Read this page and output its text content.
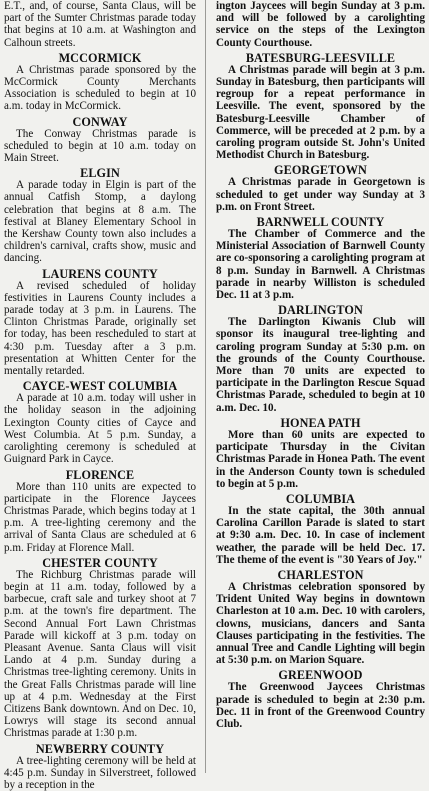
E.T., and, of course, Santa Claus, will be part of the Sumter Christmas parade today that begins at 10 a.m. at Washington and Calhoun streets.

MCCORMICK

A Christmas parade sponsored by the McCormick County Merchants Association is scheduled to begin at 10 a.m. today in McCormick.

CONWAY

The Conway Christmas parade is scheduled to begin at 10 a.m. today on Main Street.

ELGIN

A parade today in Elgin is part of the annual Catfish Stomp, a daylong celebration that begins at 8 a.m. The festival at Blaney Elementary School in the Kershaw County town also includes a children's carnival, crafts show, music and dancing.

LAURENS COUNTY

A revised scheduled of holiday festivities in Laurens County includes a parade today at 3 p.m. in Laurens. The Clinton Christmas Parade, originally set for today, has been rescheduled to start at 4:30 p.m. Tuesday after a 3 p.m. presentation at Whitten Center for the mentally retarded.

CAYCE-WEST COLUMBIA

A parade at 10 a.m. today will usher in the holiday season in the adjoining Lexington County cities of Cayce and West Columbia. At 5 p.m. Sunday, a carolighting ceremony is scheduled at Guignard Park in Cayce.

FLORENCE

More than 110 units are expected to participate in the Florence Jaycees Christmas Parade, which begins today at 1 p.m. A tree-lighting ceremony and the arrival of Santa Claus are scheduled at 6 p.m. Friday at Florence Mall.

CHESTER COUNTY

The Richburg Christmas parade will begin at 11 a.m. today, followed by a barbecue, craft sale and turkey shoot at 7 p.m. at the town's fire department. The Second Annual Fort Lawn Christmas Parade will kickoff at 3 p.m. today on Pleasant Avenue. Santa Claus will visit Lando at 4 p.m. Sunday during a Christmas tree-lighting ceremony. Units in the Great Falls Christmas parade will line up at 4 p.m. Wednesday at the First Citizens Bank downtown. And on Dec. 10, Lowrys will stage its second annual Christmas parade at 1:30 p.m.

NEWBERRY COUNTY

A tree-lighting ceremony will be held at 4:45 p.m. Sunday in Silverstreet, followed by a reception in the

ington Jaycees will begin Sunday at 3 p.m. and will be followed by a carolighting service on the steps of the Lexington County Courthouse.

BATESBURG-LEESVILLE

A Christmas parade will begin at 3 p.m. Sunday in Batesburg, then participants will regroup for a repeat performance in Leesville. The event, sponsored by the Batesburg-Leesville Chamber of Commerce, will be preceded at 2 p.m. by a caroling program outside St. John's United Methodist Church in Batesburg.

GEORGETOWN

A Christmas parade in Georgetown is scheduled to get under way Sunday at 3 p.m. on Front Street.

BARNWELL COUNTY

The Chamber of Commerce and the Ministerial Association of Barnwell County are co-sponsoring a carolighting program at 8 p.m. Sunday in Barnwell. A Christmas parade in nearby Williston is scheduled Dec. 11 at 3 p.m.

DARLINGTON

The Darlington Kiwanis Club will sponsor its inaugural tree-lighting and caroling program Sunday at 5:30 p.m. on the grounds of the County Courthouse. More than 70 units are expected to participate in the Darlington Rescue Squad Christmas Parade, scheduled to begin at 10 a.m. Dec. 10.

HONEA PATH

More than 60 units are expected to participate Thursday in the Civitan Christmas Parade in Honea Path. The event in the Anderson County town is scheduled to begin at 5 p.m.

COLUMBIA

In the state capital, the 30th annual Carolina Carillon Parade is slated to start at 9:30 a.m. Dec. 10. In case of inclement weather, the parade will be held Dec. 17. The theme of the event is "30 Years of Joy."

CHARLESTON

A Christmas celebration sponsored by Trident United Way begins in downtown Charleston at 10 a.m. Dec. 10 with carolers, clowns, musicians, dancers and Santa Clauses participating in the festivities. The annual Tree and Candle Lighting will begin at 5:30 p.m. on Marion Square.

GREENWOOD

The Greenwood Jaycees Christmas parade is scheduled to begin at 2:30 p.m. Dec. 11 in front of the Greenwood Country Club.
